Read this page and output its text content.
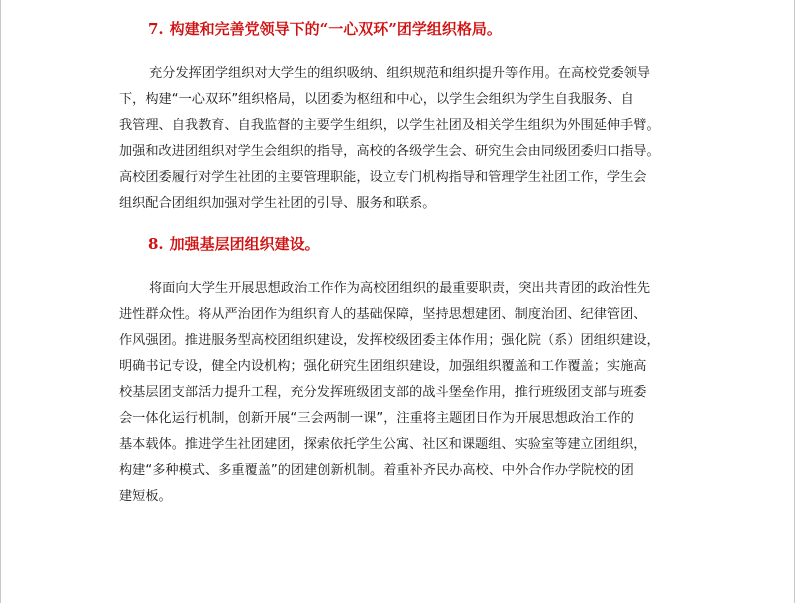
7. 构建和完善党领导下的“一心双环”团学组织格局。

充分发挥团学组织对大学生的组织吸纳、组织规范和组织提升等作用。在高校党委领导
下，构建“一心双环”组织格局，以团委为枢纽和中心，以学生会组织为学生自我服务、自
我管理、自我教育、自我监督的主要学生组织，以学生社团及相关学生组织为外围延伸手臂。
加强和改进团组织对学生会组织的指导，高校的各级学生会、研究生会由同级团委归口指导。
高校团委履行对学生社团的主要管理职能，设立专门机构指导和管理学生社团工作，学生会
组织配合团组织加强对学生社团的引导、服务和联系。

8. 加强基层团组织建设。

将面向大学生开展思想政治工作作为高校团组织的最重要职责，突出共青团的政治性先
进性群众性。将从严治团作为组织育人的基础保障，坚持思想建团、制度治团、纪律管团、
作风强团。推进服务型高校团组织建设，发挥校级团委主体作用；强化院（系）团组织建设，
明确书记专设，健全内设机构；强化研究生团组织建设，加强组织覆盖和工作覆盖；实施高
校基层团支部活力提升工程，充分发挥班级团支部的战斗堡垒作用，推行班级团支部与班委
会一体化运行机制，创新开展“三会两制一课”，注重将主题团日作为开展思想政治工作的
基本载体。推进学生社团建团，探索依托学生公寓、社区和课题组、实验室等建立团组织，
构建“多种模式、多重覆盖”的团建创新机制。着重补齐民办高校、中外合作办学院校的团
建短板。
